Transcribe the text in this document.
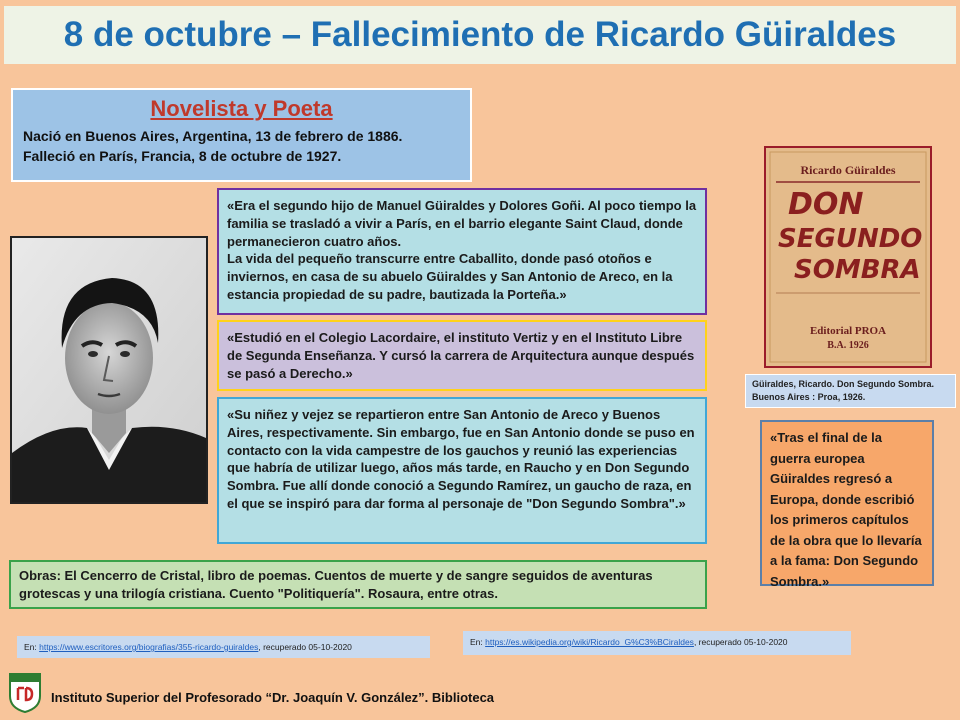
8 de octubre – Fallecimiento de Ricardo Güiraldes
Novelista y Poeta
Nació en Buenos Aires, Argentina, 13 de febrero de 1886.
Falleció en París, Francia, 8 de octubre de 1927.
«Era el segundo hijo de Manuel Güiraldes y Dolores Goñi. Al poco tiempo la familia se trasladó a vivir a París, en el barrio elegante Saint Claud, donde permanecieron cuatro años.
La vida del pequeño transcurre entre Caballito, donde pasó otoños e inviernos, en casa de su abuelo Güiraldes y San Antonio de Areco, en la estancia propiedad de su padre, bautizada la Porteña.»
«Estudió en el Colegio Lacordaire, el instituto Vertiz y en el Instituto Libre de Segunda Enseñanza. Y cursó la carrera de Arquitectura aunque después se pasó a Derecho.»
«Su niñez y vejez se repartieron entre San Antonio de Areco y Buenos Aires, respectivamente. Sin embargo, fue en San Antonio donde se puso en contacto con la vida campestre de los gauchos y reunió las experiencias que habría de utilizar luego, años más tarde, en Raucho y en Don Segundo Sombra. Fue allí donde conoció a Segundo Ramírez, un gaucho de raza, en el que se inspiró para dar forma al personaje de "Don Segundo Sombra".»
Ricardo Güiraldes
DON
SEGUNDO
SOMBRA
Editorial PROA
B.A. 1926
Güiraldes, Ricardo. Don Segundo Sombra.
Buenos Aires : Proa, 1926.
«Tras el final de la guerra europea Güiraldes regresó a Europa, donde escribió los primeros capítulos de la obra que lo llevaría a la fama: Don Segundo Sombra.»
Obras: El Cencerro de Cristal, libro de poemas. Cuentos de muerte y de sangre seguidos de aventuras grotescas y una trilogía cristiana. Cuento "Politiquería". Rosaura, entre otras.
En: https://www.escritores.org/biografias/355-ricardo-guiraldes, recuperado 05-10-2020	En: https://es.wikipedia.org/wiki/Ricardo_G%C3%BCiraldes, recuperado 05-10-2020
Instituto Superior del Profesorado “Dr. Joaquín V. González”. Biblioteca
